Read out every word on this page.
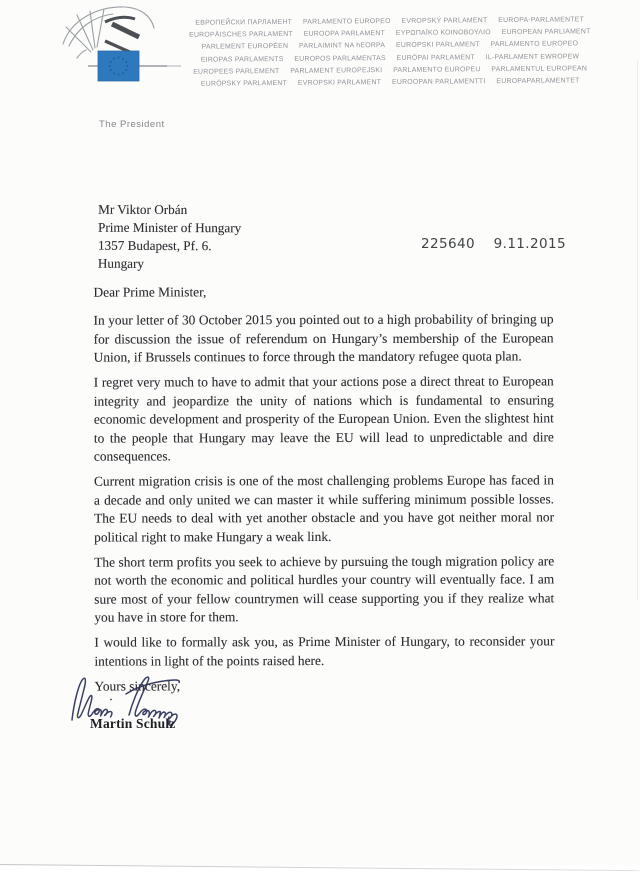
ЕВРОПЕЙСКИ ПАРЛАМЕНТ  PARLAMENTO EUROPEO  EVROPSKÝ PARLAMENT  EUROPA-PARLAMENTET
EUROPÄISCHES PARLAMENT  EUROOPA PARLAMENT  ΕΥΡΩΠΑΪΚΟ ΚΟΙΝΟΒΟΥΛΙΟ  EUROPEAN PARLIAMENT
PARLEMENT EUROPÉEN  PARLAIMINT NA hEORPA  EUROPSKI PARLAMENT  PARLAMENTO EUROPEO
EIROPAS PARLAMENTS  EUROPOS PARLAMENTAS  EURÓPAI PARLAMENT  IL-PARLAMENT EWROPEW
EUROPEES PARLEMENT  PARLAMENT EUROPEJSKI  PARLAMENTO EUROPEU  PARLAMENTUL EUROPEAN
EURÓPSKY PARLAMENT  EVROPSKI PARLAMENT  EUROOPAN PARLAMENTTI  EUROPAPARLAMENTET
The President
Mr Viktor Orbán
Prime Minister of Hungary
1357 Budapest, Pf. 6.
Hungary
225640 9.11.2015

Dear Prime Minister,

In your letter of 30 October 2015 you pointed out to a high probability of bringing up for discussion the issue of referendum on Hungary’s membership of the European Union, if Brussels continues to force through the mandatory refugee quota plan.

I regret very much to have to admit that your actions pose a direct threat to European integrity and jeopardize the unity of nations which is fundamental to ensuring economic development and prosperity of the European Union. Even the slightest hint to the people that Hungary may leave the EU will lead to unpredictable and dire consequences.

Current migration crisis is one of the most challenging problems Europe has faced in a decade and only united we can master it while suffering minimum possible losses. The EU needs to deal with yet another obstacle and you have got neither moral nor political right to make Hungary a weak link.

The short term profits you seek to achieve by pursuing the tough migration policy are not worth the economic and political hurdles your country will eventually face. I am sure most of your fellow countrymen will cease supporting you if they realize what you have in store for them.

I would like to formally ask you, as Prime Minister of Hungary, to reconsider your intentions in light of the points raised here.

Yours sincerely,

Martin Schulz
